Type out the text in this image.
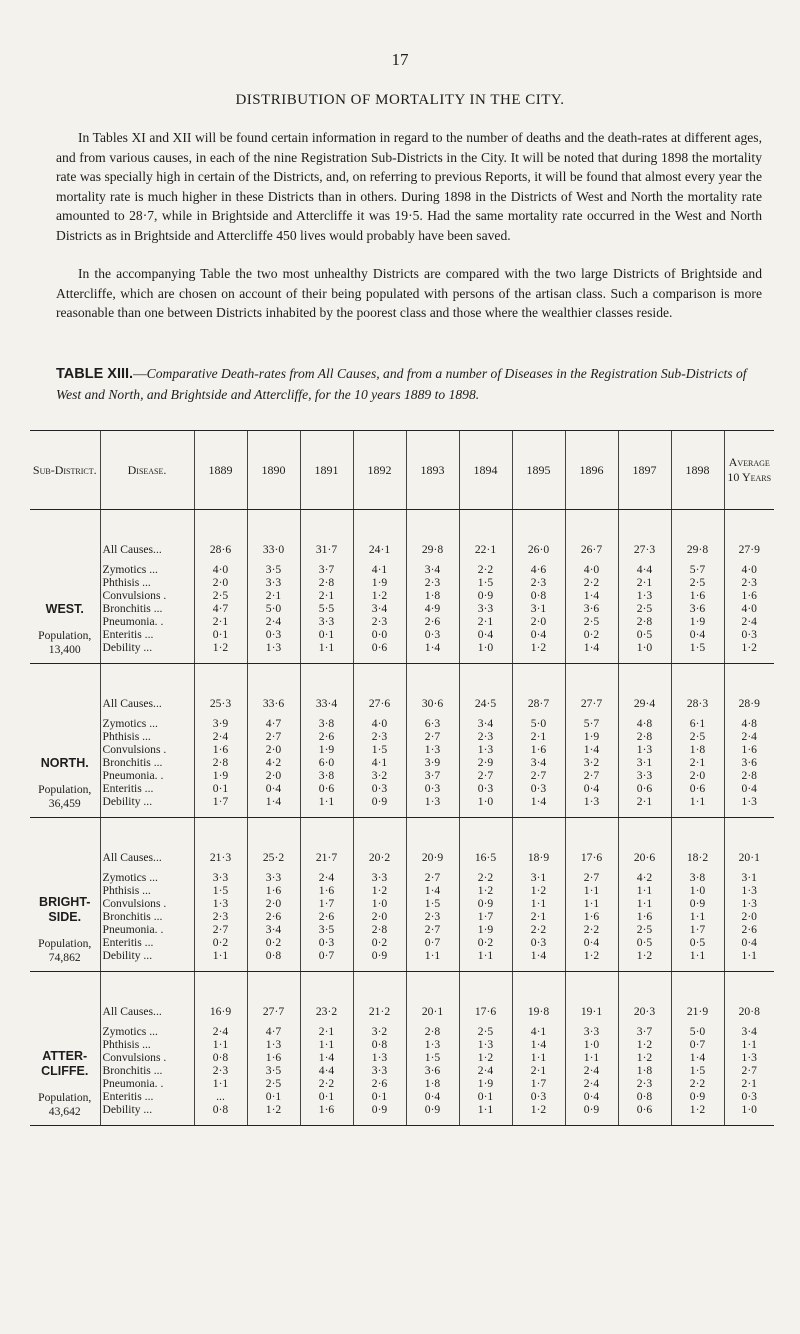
17
DISTRIBUTION OF MORTALITY IN THE CITY.

In Tables XI and XII will be found certain information in regard to the number of deaths and the death-rates at different ages, and from various causes, in each of the nine Registration Sub-Districts in the City. It will be noted that during 1898 the mortality rate was specially high in certain of the Districts, and, on referring to previous Reports, it will be found that almost every year the mortality rate is much higher in these Districts than in others. During 1898 in the Districts of West and North the mortality rate amounted to 28·7, while in Brightside and Attercliffe it was 19·5. Had the same mortality rate occurred in the West and North Districts as in Brightside and Attercliffe 450 lives would probably have been saved.

In the accompanying Table the two most unhealthy Districts are compared with the two large Districts of Brightside and Attercliffe, which are chosen on account of their being populated with persons of the artisan class. Such a comparison is more reasonable than one between Districts inhabited by the poorest class and those where the wealthier classes reside.

TABLE XIII.—Comparative Death-rates from All Causes, and from a number of Diseases in the Registration Sub-Districts of West and North, and Brightside and Attercliffe, for the 10 years 1889 to 1898.

Sub-District.	Disease.	1889	1890	1891	1892	1893	1894	1895	1896	1897	1898	Average 10 Years

WEST.
Population,
13,400	All Causes...	28·6	33·0	31·7	24·1	29·8	22·1	26·0	26·7	27·3	29·8	27·9
	Zymotics ...	4·0	3·5	3·7	4·1	3·4	2·2	4·6	4·0	4·4	5·7	4·0
	Phthisis ...	2·0	3·3	2·8	1·9	2·3	1·5	2·3	2·2	2·1	2·5	2·3
	Convulsions .	2·5	2·1	2·1	1·2	1·8	0·9	0·8	1·4	1·3	1·6	1·6
	Bronchitis ...	4·7	5·0	5·5	3·4	4·9	3·3	3·1	3·6	2·5	3·6	4·0
	Pneumonia. .	2·1	2·4	3·3	2·3	2·6	2·1	2·0	2·5	2·8	1·9	2·4
	Enteritis ...	0·1	0·3	0·1	0·0	0·3	0·4	0·4	0·2	0·5	0·4	0·3
	Debility ...	1·2	1·3	1·1	0·6	1·4	1·0	1·2	1·4	1·0	1·5	1·2

NORTH.
Population,
36,459	All Causes...	25·3	33·6	33·4	27·6	30·6	24·5	28·7	27·7	29·4	28·3	28·9
	Zymotics ...	3·9	4·7	3·8	4·0	6·3	3·4	5·0	5·7	4·8	6·1	4·8
	Phthisis ...	2·4	2·7	2·6	2·3	2·7	2·3	2·1	1·9	2·8	2·5	2·4
	Convulsions .	1·6	2·0	1·9	1·5	1·3	1·3	1·6	1·4	1·3	1·8	1·6
	Bronchitis ...	2·8	4·2	6·0	4·1	3·9	2·9	3·4	3·2	3·1	2·1	3·6
	Pneumonia. .	1·9	2·0	3·8	3·2	3·7	2·7	2·7	2·7	3·3	2·0	2·8
	Enteritis ...	0·1	0·4	0·6	0·3	0·3	0·3	0·3	0·4	0·6	0·6	0·4
	Debility ...	1·7	1·4	1·1	0·9	1·3	1·0	1·4	1·3	2·1	1·1	1·3

BRIGHT-SIDE.
Population,
74,862	All Causes...	21·3	25·2	21·7	20·2	20·9	16·5	18·9	17·6	20·6	18·2	20·1
	Zymotics ...	3·3	3·3	2·4	3·3	2·7	2·2	3·1	2·7	4·2	3·8	3·1
	Phthisis ...	1·5	1·6	1·6	1·2	1·4	1·2	1·2	1·1	1·1	1·0	1·3
	Convulsions .	1·3	2·0	1·7	1·0	1·5	0·9	1·1	1·1	1·1	0·9	1·3
	Bronchitis ...	2·3	2·6	2·6	2·0	2·3	1·7	2·1	1·6	1·6	1·1	2·0
	Pneumonia. .	2·7	3·4	3·5	2·8	2·7	1·9	2·2	2·2	2·5	1·7	2·6
	Enteritis ...	0·2	0·2	0·3	0·2	0·7	0·2	0·3	0·4	0·5	0·5	0·4
	Debility ...	1·1	0·8	0·7	0·9	1·1	1·1	1·4	1·2	1·2	1·1	1·1

ATTER-CLIFFE.
Population,
43,642	All Causes...	16·9	27·7	23·2	21·2	20·1	17·6	19·8	19·1	20·3	21·9	20·8
	Zymotics ...	2·4	4·7	2·1	3·2	2·8	2·5	4·1	3·3	3·7	5·0	3·4
	Phthisis ...	1·1	1·3	1·1	0·8	1·3	1·3	1·4	1·0	1·2	0·7	1·1
	Convulsions .	0·8	1·6	1·4	1·3	1·5	1·2	1·1	1·1	1·2	1·4	1·3
	Bronchitis ...	2·3	3·5	4·4	3·3	3·6	2·4	2·1	2·4	1·8	1·5	2·7
	Pneumonia. .	1·1	2·5	2·2	2·6	1·8	1·9	1·7	2·4	2·3	2·2	2·1
	Enteritis ...	...	0·1	0·1	0·1	0·4	0·1	0·3	0·4	0·8	0·9	0·3
	Debility ...	0·8	1·2	1·6	0·9	0·9	1·1	1·2	0·9	0·6	1·2	1·0
